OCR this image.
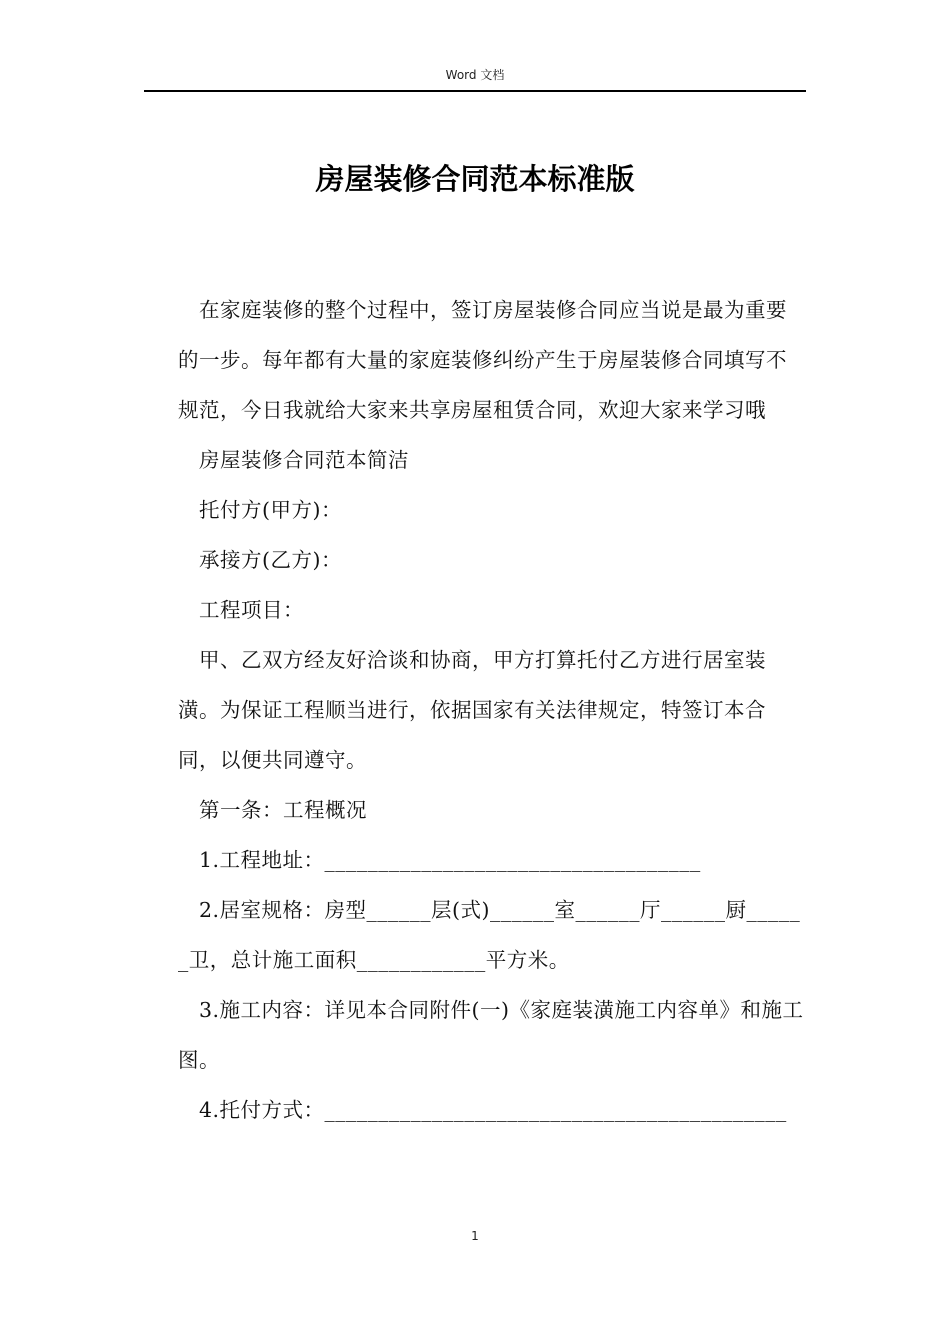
Word 文档
房屋装修合同范本标准版

在家庭装修的整个过程中，签订房屋装修合同应当说是最为重要的一步。每年都有大量的家庭装修纠纷产生于房屋装修合同填写不规范，今日我就给大家来共享房屋租赁合同，欢迎大家来学习哦

房屋装修合同范本简洁

托付方(甲方)：

承接方(乙方)：

工程项目：

甲、乙双方经友好洽谈和协商，甲方打算托付乙方进行居室装潢。为保证工程顺当进行，依据国家有关法律规定，特签订本合同，以便共同遵守。

第一条：工程概况

1.工程地址：___________________________________

2.居室规格：房型______层(式)______室______厅______厨______卫，总计施工面积____________平方米。

3.施工内容：详见本合同附件(一)《家庭装潢施工内容单》和施工图。

4.托付方式：___________________________________________

1
